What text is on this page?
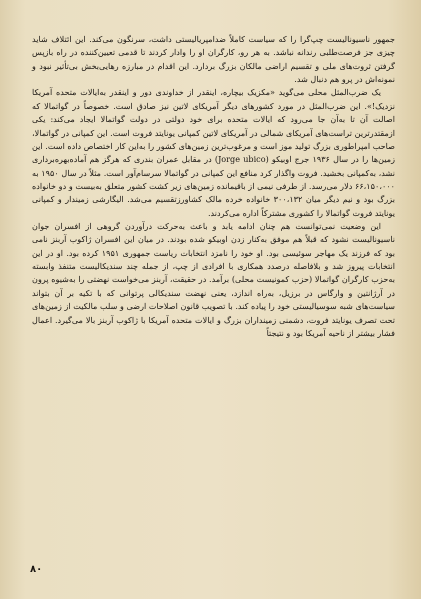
جمهور ناسیونالیست چپ‌گرا را که سیاست کاملاً ضدامپریالیستی داشت، سرنگون می‌کند. این ائتلاف شاید چیزی جز فرصت‌طلبی رندانه نباشد. به هر رو، کارگران او را وادار کردند تا قدمی تعیین‌کننده در راه بازپس گرفتن ثروت‌های ملی و تقسیم اراضی مالکان بزرگ بردارد. این اقدام در مبارزه رهایی‌بخش بی‌تأثیر نبود و نمونه‌اش در پرو هم دنبال شد.

یک ضرب‌المثل محلی می‌گوید «مکزیک بیچاره، اینقدر از خداوندی دور و اینقدر به‌ایالات متحده آمریکا نزدیک!». این ضرب‌المثل در مورد کشورهای دیگر آمریکای لاتین نیز صادق است. خصوصاً در گواتمالا که اصالت آن تا به‌آن جا می‌رود که ایالات متحده برای خود دولتی در دولت گواتمالا ایجاد می‌کند: یکی ازمقتدرترین تراست‌های آمریکای شمالی در آمریکای لاتین کمپانی یونایتد فروت است. این کمپانی در گواتمالا، صاحب امپراطوری بزرگ تولید موز است و مرغوب‌ترین زمین‌های کشور را به‌این کار اختصاص داده است. این زمین‌ها را در سال ۱۹۳۶ جرج اوبیکو (Jorge ubico) در مقابل عمران بندری که هرگز هم آماده‌بهره‌برداری نشد، به‌کمپانی بخشید. فروت واگذار کرد منافع این کمپانی در گواتمالا سرسام‌آور است. مثلاً در سال ۱۹۵۰ به ۶۶،۱۵۰،۰۰۰ دلار می‌رسد. از طرفی نیمی از باقیمانده زمین‌های زیر کشت کشور متعلق به‌بیست و دو خانواده بزرگ بود و نیم دیگر میان ۳۰۰،۱۳۲ خانواده خرده مالک کشاورزتقسیم می‌شد. الیگارشی زمیندار و کمپانی یونایتد فروت گواتمالا را کشوری مشترکاً اداره می‌کردند.

این وضعیت نمی‌توانست هم چنان ادامه یابد و باعث به‌حرکت درآوردن گروهی از افسران جوان ناسیونالیست نشود که قبلاً هم موفق به‌کنار زدن اوبیکو شده بودند. در میان این افسران ژاکوب آربنز نامی بود که فرزند یک مهاجر سوئیسی بود. او خود را نامزد انتخابات ریاست جمهوری ۱۹۵۱ کرده بود. او در این انتخابات پیروز شد و بلافاصله درصدد همکاری با افرادی از چپ، از جمله چند سندیکالیست متنفذ وابسته به‌حزب کارگران گواتمالا (حزب کمونیست محلی) برآمد. در حقیقت، آربنز می‌خواست نهضتی را به‌شیوه پرون در آرژانتین و وارگاس در برزیل، به‌راه اندازد، یعنی نهضت سندیکالی پرتوانی که با تکیه بر آن بتواند سیاست‌های شبه سوسیالیستی خود را پیاده کند. با تصویب قانون اصلاحات ارضی و سلب مالکیت از زمین‌های تحت تصرف یونایتد فروت، دشمنی زمینداران بزرگ و ایالات متحده آمریکا با ژاکوب آربنز بالا می‌گیرد. اعمال فشار بیشتر از ناحیه آمریکا بود و نتیجتاً

۸۰
